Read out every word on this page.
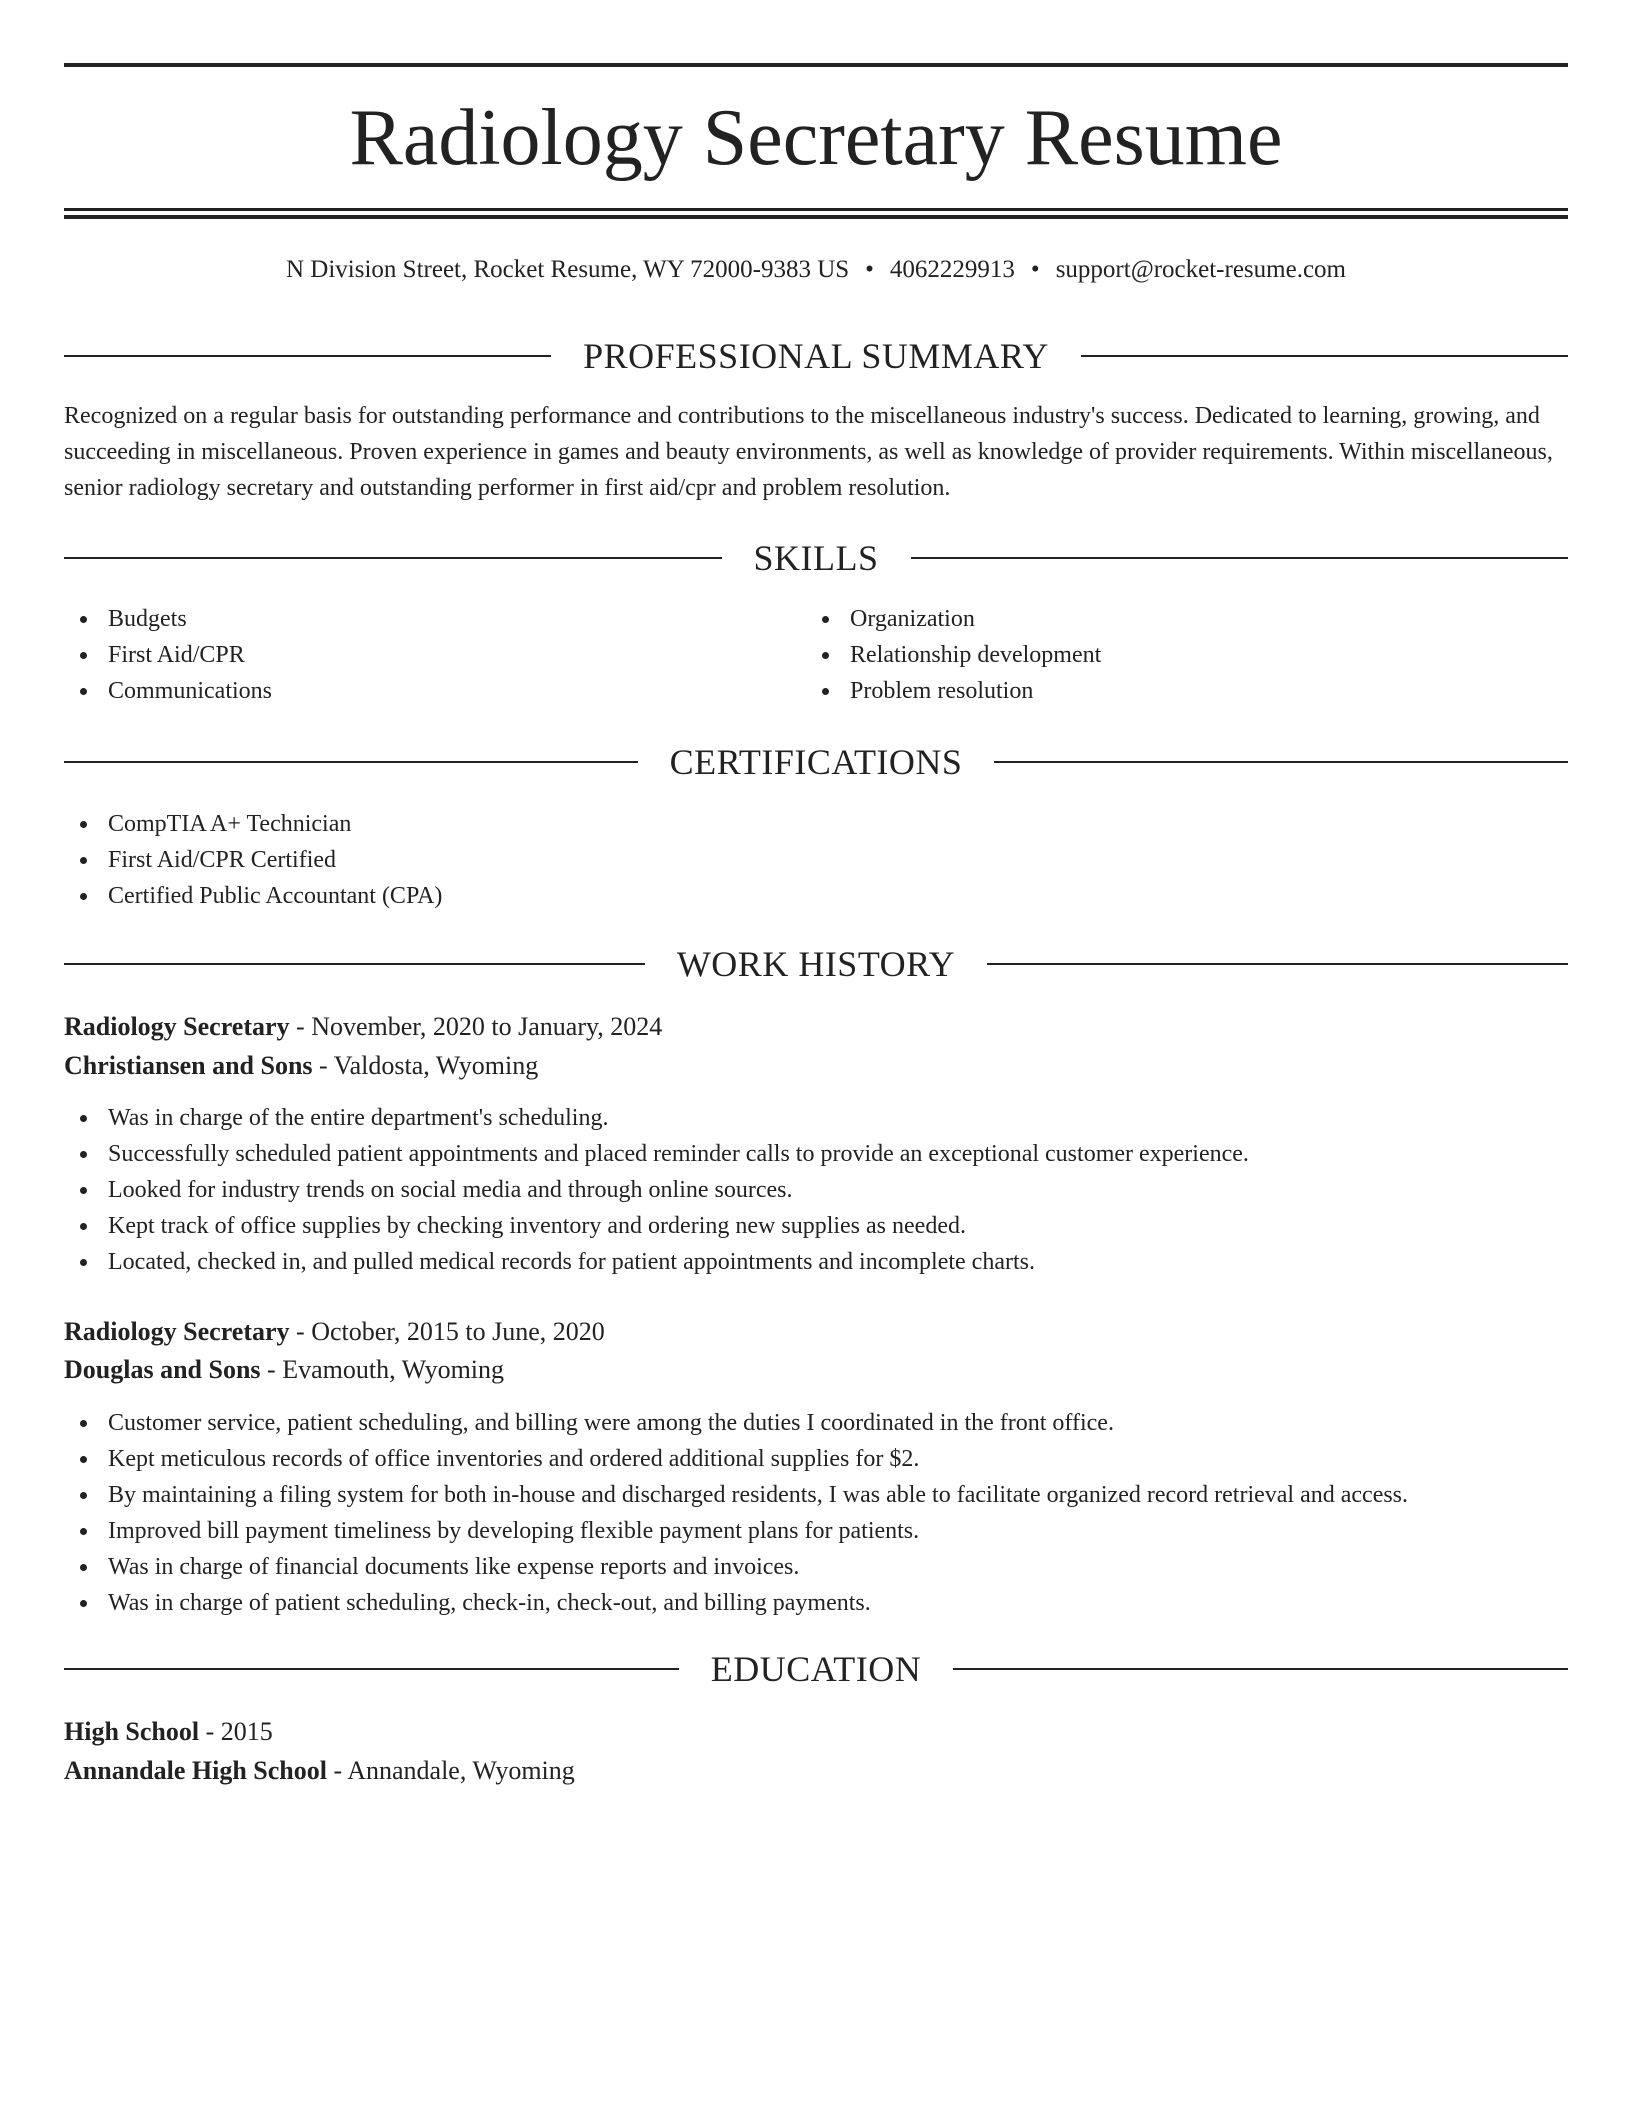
Radiology Secretary Resume
N Division Street, Rocket Resume, WY 72000-9383 US • 4062229913 • support@rocket-resume.com
PROFESSIONAL SUMMARY

Recognized on a regular basis for outstanding performance and contributions to the miscellaneous industry's success. Dedicated to learning, growing, and succeeding in miscellaneous. Proven experience in games and beauty environments, as well as knowledge of provider requirements. Within miscellaneous, senior radiology secretary and outstanding performer in first aid/cpr and problem resolution.

SKILLS
Budgets
First Aid/CPR
Communications
Organization
Relationship development
Problem resolution
CERTIFICATIONS
CompTIA A+ Technician
First Aid/CPR Certified
Certified Public Accountant (CPA)
WORK HISTORY
Radiology Secretary - November, 2020 to January, 2024
Christiansen and Sons - Valdosta, Wyoming
Was in charge of the entire department's scheduling.
Successfully scheduled patient appointments and placed reminder calls to provide an exceptional customer experience.
Looked for industry trends on social media and through online sources.
Kept track of office supplies by checking inventory and ordering new supplies as needed.
Located, checked in, and pulled medical records for patient appointments and incomplete charts.
Radiology Secretary - October, 2015 to June, 2020
Douglas and Sons - Evamouth, Wyoming
Customer service, patient scheduling, and billing were among the duties I coordinated in the front office.
Kept meticulous records of office inventories and ordered additional supplies for $2.
By maintaining a filing system for both in-house and discharged residents, I was able to facilitate organized record retrieval and access.
Improved bill payment timeliness by developing flexible payment plans for patients.
Was in charge of financial documents like expense reports and invoices.
Was in charge of patient scheduling, check-in, check-out, and billing payments.
EDUCATION
High School - 2015
Annandale High School - Annandale, Wyoming
